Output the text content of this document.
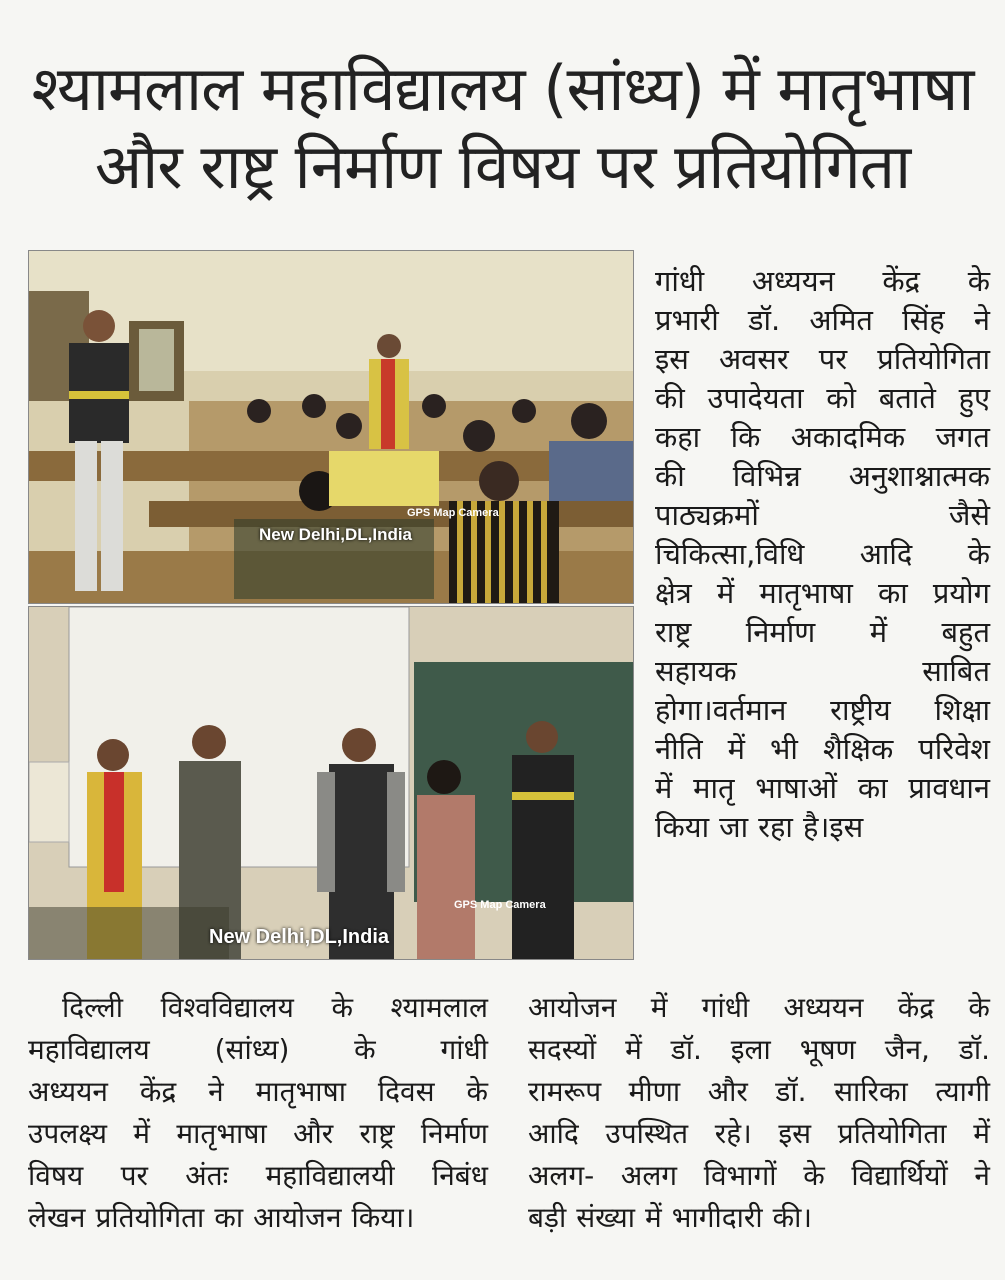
श्यामलाल महाविद्यालय (सांध्य) में मातृभाषा
और राष्ट्र निर्माण विषय पर प्रतियोगिता
New Delhi,DL,India
GPS Map Camera
New Delhi,DL,India
GPS Map Camera
गांधी अध्ययन केंद्र के
प्रभारी डॉ. अमित सिंह ने
इस अवसर पर प्रतियोगिता
की उपादेयता को बताते हुए
कहा कि अकादमिक जगत
की विभिन्न अनुशाश्नात्मक
पाठ्यक्रमों	जैसे
चिकित्सा,विधि आदि के
क्षेत्र में मातृभाषा का प्रयोग
राष्ट्र निर्माण में बहुत
सहायक	साबित
होगा।वर्तमान राष्ट्रीय शिक्षा
नीति में भी शैक्षिक परिवेश
में मातृ भाषाओं का प्रावधान
किया जा रहा है।इस
दिल्ली विश्वविद्यालय के श्यामलाल
महाविद्यालय (सांध्य) के गांधी
अध्ययन केंद्र ने मातृभाषा दिवस के
उपलक्ष्य में मातृभाषा और राष्ट्र निर्माण
विषय पर अंतः महाविद्यालयी निबंध
लेखन प्रतियोगिता का आयोजन किया।
आयोजन में गांधी अध्ययन केंद्र के
सदस्यों में डॉ. इला भूषण जैन, डॉ.
रामरूप मीणा और डॉ. सारिका त्यागी
आदि उपस्थित रहे। इस प्रतियोगिता में
अलग- अलग विभागों के विद्यार्थियों ने
बड़ी संख्या में भागीदारी की।
